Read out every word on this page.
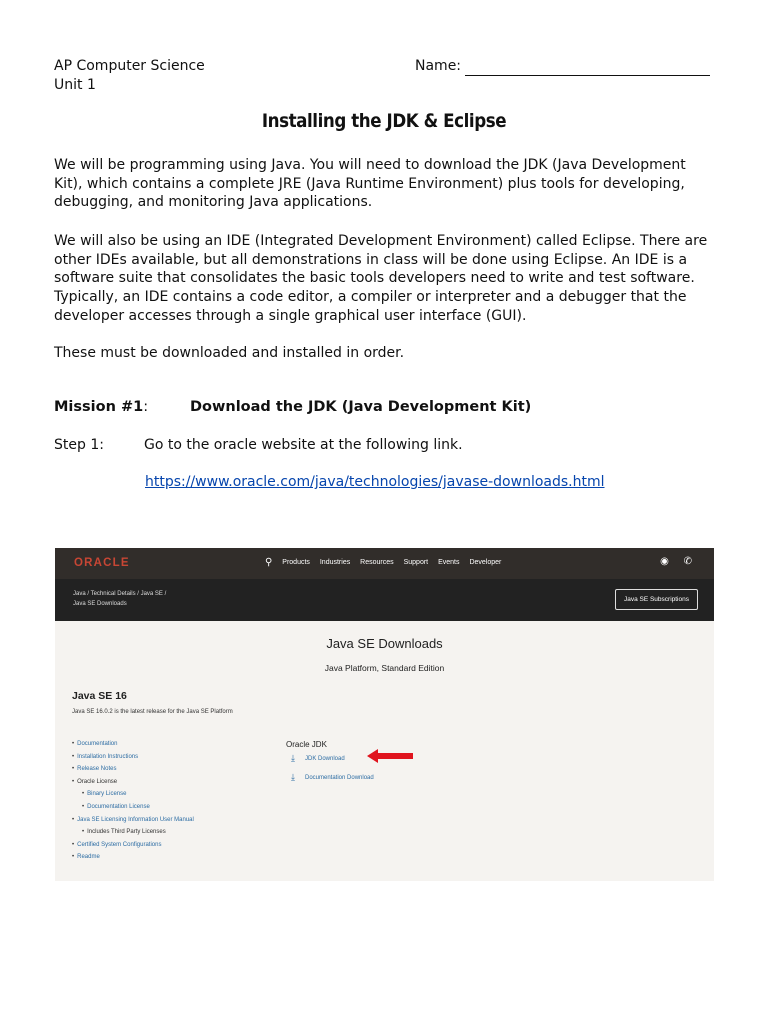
AP Computer Science
Unit 1
Name:
Installing the JDK & Eclipse
We will be programming using Java. You will need to download the JDK (Java Development Kit), which contains a complete JRE (Java Runtime Environment) plus tools for developing, debugging, and monitoring Java applications.
We will also be using an IDE (Integrated Development Environment) called Eclipse. There are other IDEs available, but all demonstrations in class will be done using Eclipse. An IDE is a software suite that consolidates the basic tools developers need to write and test software. Typically, an IDE contains a code editor, a compiler or interpreter and a debugger that the developer accesses through a single graphical user interface (GUI).
These must be downloaded and installed in order.
Mission #1:	Download the JDK (Java Development Kit)
Step 1:	Go to the oracle website at the following link.
https://www.oracle.com/java/technologies/javase-downloads.html
ORACLE	⚲ Products Industries Resources Support Events Developer	◉ ✆
Java / Technical Details / Java SE /
Java SE Downloads
Java SE Subscriptions
Java SE Downloads
Java Platform, Standard Edition
Java SE 16
Java SE 16.0.2 is the latest release for the Java SE Platform
• Documentation
• Installation Instructions
• Release Notes
• Oracle License
• Binary License
• Documentation License
• Java SE Licensing Information User Manual
• Includes Third Party Licenses
• Certified System Configurations
• Readme
Oracle JDK
⤓ JDK Download
⤓ Documentation Download
